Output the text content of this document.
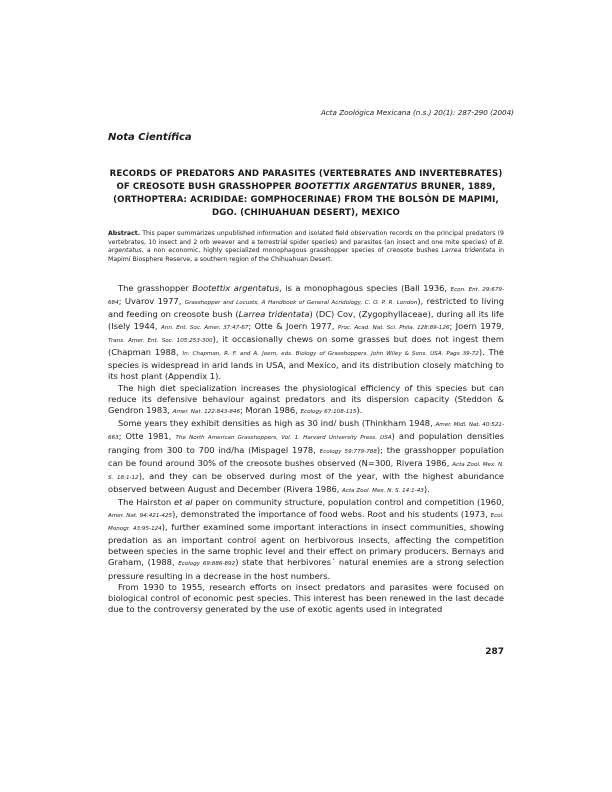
Acta Zoológica Mexicana (n.s.) 20(1): 287-290 (2004)
Nota Científica
RECORDS OF PREDATORS AND PARASITES (VERTEBRATES AND INVERTEBRATES) OF CREOSOTE BUSH GRASSHOPPER BOOTETTIX ARGENTATUS BRUNER, 1889, (ORTHOPTERA: ACRIDIDAE: GOMPHOCERINAE) FROM THE BOLSÓN DE MAPIMI, DGO. (CHIHUAHUAN DESERT), MEXICO

Abstract. This paper summarizes unpublished information and isolated field observation records on the principal predators (9 vertebrates, 10 insect and 2 orb weaver and a terrestrial spider species) and parasites (an insect and one mite species) of B. argentatus, a non economic, highly specialized monophagous grasshopper species of creosote bushes Larrea tridentata in Mapimí Biosphere Reserve, a southern region of the Chihuahuan Desert.

The grasshopper Bootettix argentatus, is a monophagous species (Ball 1936, Econ. Ent. 29:679-684; Uvarov 1977, Grasshopper and Locusts, A Handbook of General Acridology, C. O. P. R. London), restricted to living and feeding on creosote bush (Larrea tridentata) (DC) Cov, (Zygophyllaceae), during all its life (Isely 1944, Ann. Ent. Soc. Amer. 37:47-67; Otte & Joern 1977, Proc. Acad. Nat. Sci. Phila. 128:89-126; Joern 1979, Trans. Amer. Ent. Soc. 105:253-300), it occasionally chews on some grasses but does not ingest them (Chapman 1988, In: Chapman, R. F. and A. Joern, eds. Biology of Grasshoppers. John Wiley & Sons. USA. Pags 39-72). The species is widespread in arid lands in USA, and Mexico, and its distribution closely matching to its host plant (Appendix 1).

The high diet specialization increases the physiological efficiency of this species but can reduce its defensive behaviour against predators and its dispersion capacity (Steddon & Gendron 1983, Amer. Nat. 122:843-846; Moran 1986, Ecology 67:108-115).

Some years they exhibit densities as high as 30 ind/ bush (Thinkham 1948, Amer. Midl. Nat. 40:521-663; Otte 1981, The North American Grasshoppers, Vol. 1. Harvard University Press. USA) and population densities ranging from 300 to 700 ind/ha (Mispagel 1978, Ecology 59:779-788); the grasshopper population can be found around 30% of the creosote bushes observed (N=300, Rivera 1986, Acta Zool. Mex. N. S. 18:1-12), and they can be observed during most of the year, with the highest abundance observed between August and December (Rivera 1986, Acta Zool. Mex. N. S. 14:1-43).

The Hairston et al paper on community structure, population control and competition (1960, Amer. Nat. 94:421-425), demonstrated the importance of food webs. Root and his students (1973, Ecol. Monogr. 43:95-124), further examined some important interactions in insect communities, showing predation as an important control agent on herbivorous insects, affecting the competition between species in the same trophic level and their effect on primary producers. Bernays and Graham, (1988, Ecology 69:886-892) state that herbivores´ natural enemies are a strong selection pressure resulting in a decrease in the host numbers.

From 1930 to 1955, research efforts on insect predators and parasites were focused on biological control of economic pest species. This interest has been renewed in the last decade due to the controversy generated by the use of exotic agents used in integrated

287
